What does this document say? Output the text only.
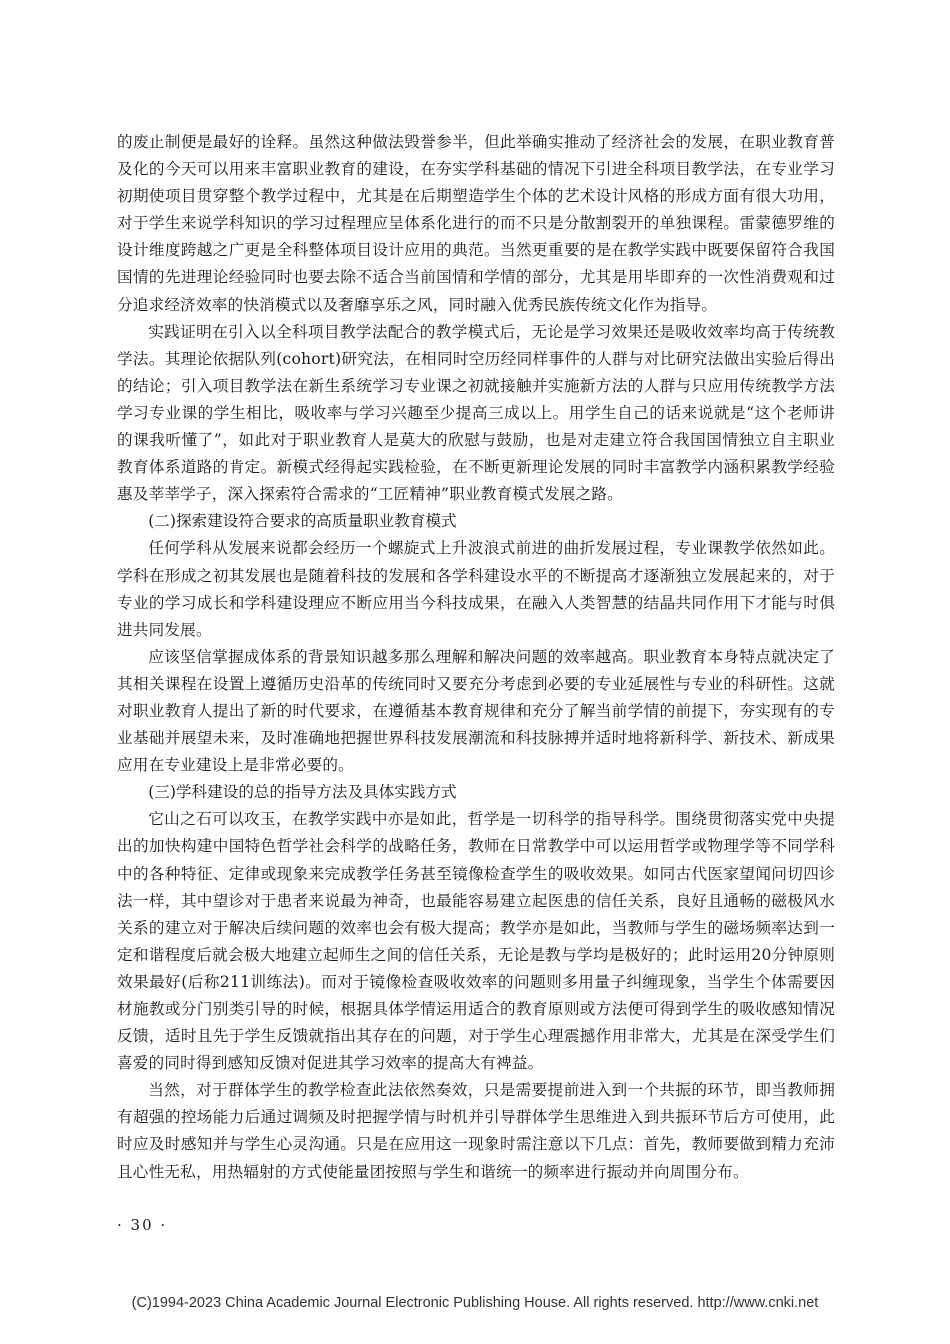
的废止制便是最好的诠释。虽然这种做法毁誉参半，但此举确实推动了经济社会的发展，在职业教育普及化的今天可以用来丰富职业教育的建设，在夯实学科基础的情况下引进全科项目教学法，在专业学习初期使项目贯穿整个教学过程中，尤其是在后期塑造学生个体的艺术设计风格的形成方面有很大功用，对于学生来说学科知识的学习过程理应呈体系化进行的而不只是分散割裂开的单独课程。雷蒙德罗维的设计维度跨越之广更是全科整体项目设计应用的典范。当然更重要的是在教学实践中既要保留符合我国国情的先进理论经验同时也要去除不适合当前国情和学情的部分，尤其是用毕即弃的一次性消费观和过分追求经济效率的快消模式以及奢靡享乐之风，同时融入优秀民族传统文化作为指导。

实践证明在引入以全科项目教学法配合的教学模式后，无论是学习效果还是吸收效率均高于传统教学法。其理论依据队列(cohort)研究法，在相同时空历经同样事件的人群与对比研究法做出实验后得出的结论；引入项目教学法在新生系统学习专业课之初就接触并实施新方法的人群与只应用传统教学方法学习专业课的学生相比，吸收率与学习兴趣至少提高三成以上。用学生自己的话来说就是“这个老师讲的课我听懂了”，如此对于职业教育人是莫大的欣慰与鼓励，也是对走建立符合我国国情独立自主职业教育体系道路的肯定。新模式经得起实践检验，在不断更新理论发展的同时丰富教学内涵积累教学经验惠及莘莘学子，深入探索符合需求的“工匠精神”职业教育模式发展之路。

(二)探索建设符合要求的高质量职业教育模式

任何学科从发展来说都会经历一个螺旋式上升波浪式前进的曲折发展过程，专业课教学依然如此。学科在形成之初其发展也是随着科技的发展和各学科建设水平的不断提高才逐渐独立发展起来的，对于专业的学习成长和学科建设理应不断应用当今科技成果，在融入人类智慧的结晶共同作用下才能与时俱进共同发展。

应该坚信掌握成体系的背景知识越多那么理解和解决问题的效率越高。职业教育本身特点就决定了其相关课程在设置上遵循历史沿革的传统同时又要充分考虑到必要的专业延展性与专业的科研性。这就对职业教育人提出了新的时代要求，在遵循基本教育规律和充分了解当前学情的前提下，夯实现有的专业基础并展望未来，及时准确地把握世界科技发展潮流和科技脉搏并适时地将新科学、新技术、新成果应用在专业建设上是非常必要的。

(三)学科建设的总的指导方法及具体实践方式

它山之石可以攻玉，在教学实践中亦是如此，哲学是一切科学的指导科学。围绕贯彻落实党中央提出的加快构建中国特色哲学社会科学的战略任务，教师在日常教学中可以运用哲学或物理学等不同学科中的各种特征、定律或现象来完成教学任务甚至镜像检查学生的吸收效果。如同古代医家望闻问切四诊法一样，其中望诊对于患者来说最为神奇，也最能容易建立起医患的信任关系，良好且通畅的磁极风水关系的建立对于解决后续问题的效率也会有极大提高；教学亦是如此，当教师与学生的磁场频率达到一定和谐程度后就会极大地建立起师生之间的信任关系，无论是教与学均是极好的；此时运用20分钟原则效果最好(后称211训练法)。而对于镜像检查吸收效率的问题则多用量子纠缠现象，当学生个体需要因材施教或分门别类引导的时候，根据具体学情运用适合的教育原则或方法便可得到学生的吸收感知情况反馈，适时且先于学生反馈就指出其存在的问题，对于学生心理震撼作用非常大，尤其是在深受学生们喜爱的同时得到感知反馈对促进其学习效率的提高大有裨益。

当然，对于群体学生的教学检查此法依然奏效，只是需要提前进入到一个共振的环节，即当教师拥有超强的控场能力后通过调频及时把握学情与时机并引导群体学生思维进入到共振环节后方可使用，此时应及时感知并与学生心灵沟通。只是在应用这一现象时需注意以下几点：首先，教师要做到精力充沛且心性无私，用热辐射的方式使能量团按照与学生和谐统一的频率进行振动并向周围分布。

· 30 ·
(C)1994-2023 China Academic Journal Electronic Publishing House. All rights reserved. http://www.cnki.net
